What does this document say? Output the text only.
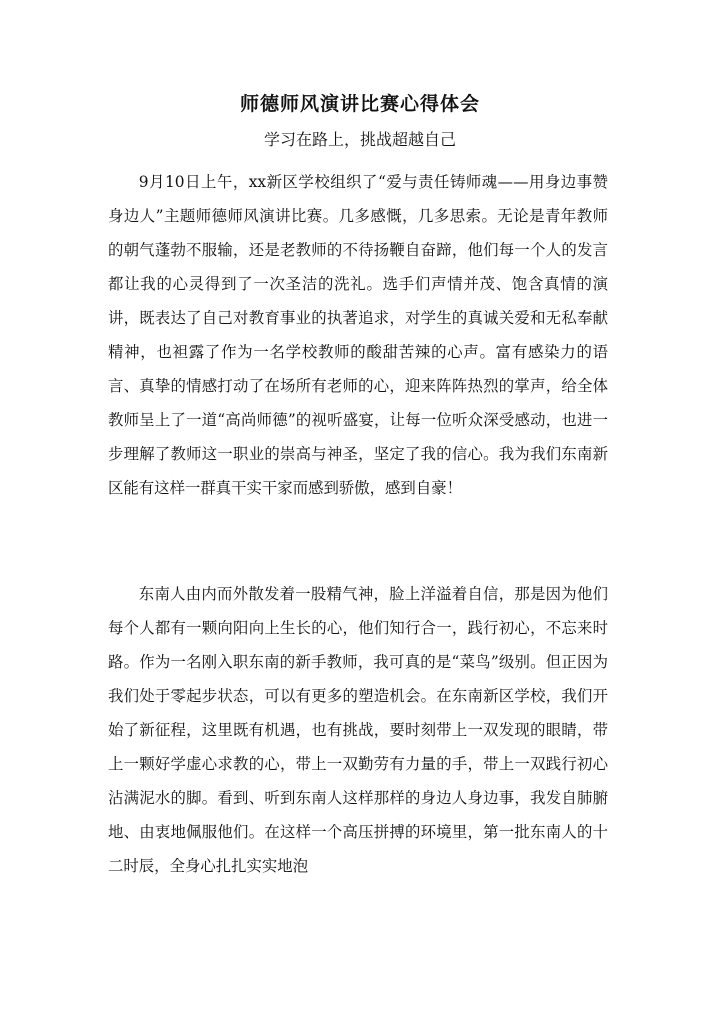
师德师风演讲比赛心得体会
学习在路上，挑战超越自己

9月10日上午，xx新区学校组织了“爱与责任铸师魂——用身边事赞身边人”主题师德师风演讲比赛。几多感慨，几多思索。无论是青年教师的朝气蓬勃不服输，还是老教师的不待扬鞭自奋蹄，他们每一个人的发言都让我的心灵得到了一次圣洁的洗礼。选手们声情并茂、饱含真情的演讲，既表达了自己对教育事业的执著追求，对学生的真诚关爱和无私奉献精神，也袒露了作为一名学校教师的酸甜苦辣的心声。富有感染力的语言、真挚的情感打动了在场所有老师的心，迎来阵阵热烈的掌声，给全体教师呈上了一道“高尚师德”的视听盛宴，让每一位听众深受感动，也进一步理解了教师这一职业的崇高与神圣，坚定了我的信心。我为我们东南新区能有这样一群真干实干家而感到骄傲，感到自豪！

东南人由内而外散发着一股精气神，脸上洋溢着自信，那是因为他们每个人都有一颗向阳向上生长的心，他们知行合一，践行初心，不忘来时路。作为一名刚入职东南的新手教师，我可真的是“菜鸟”级别。但正因为我们处于零起步状态，可以有更多的塑造机会。在东南新区学校，我们开始了新征程，这里既有机遇，也有挑战，要时刻带上一双发现的眼睛，带上一颗好学虚心求教的心，带上一双勤劳有力量的手，带上一双践行初心沾满泥水的脚。看到、听到东南人这样那样的身边人身边事，我发自肺腑地、由衷地佩服他们。在这样一个高压拼搏的环境里，第一批东南人的十二时辰，全身心扎扎实实地泡
